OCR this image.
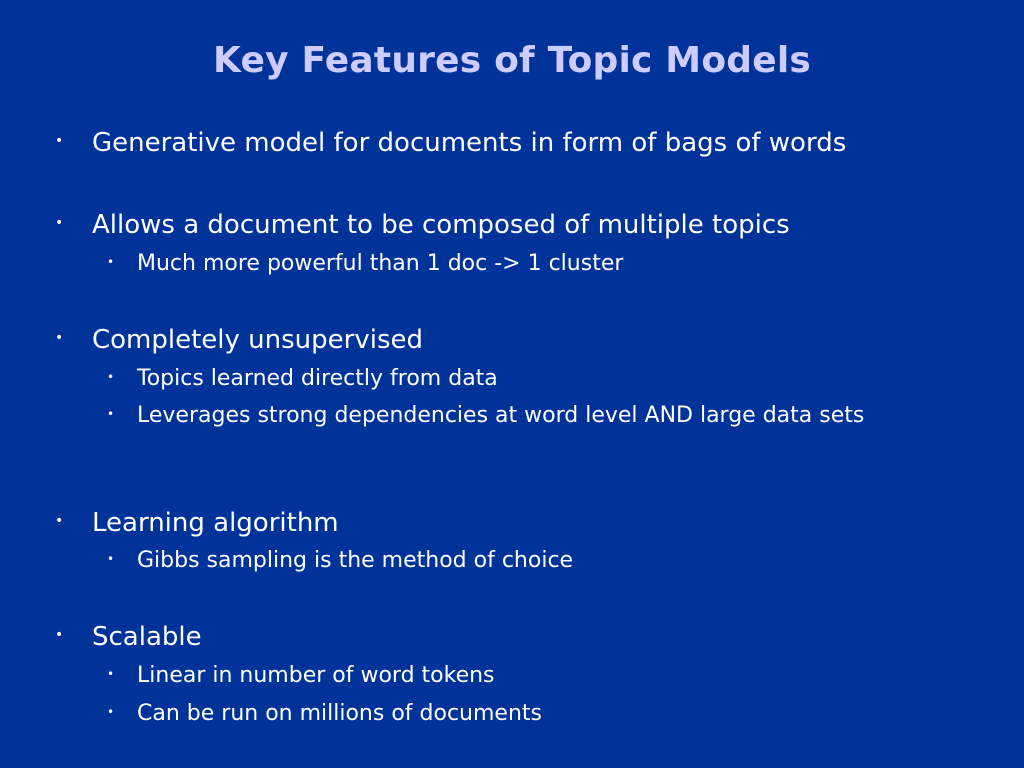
Key Features of Topic Models
• Generative model for documents in form of bags of words
• Allows a document to be composed of multiple topics
• Much more powerful than 1 doc -> 1 cluster
• Completely unsupervised
• Topics learned directly from data
• Leverages strong dependencies at word level AND large data sets
• Learning algorithm
• Gibbs sampling is the method of choice
• Scalable
• Linear in number of word tokens
• Can be run on millions of documents
